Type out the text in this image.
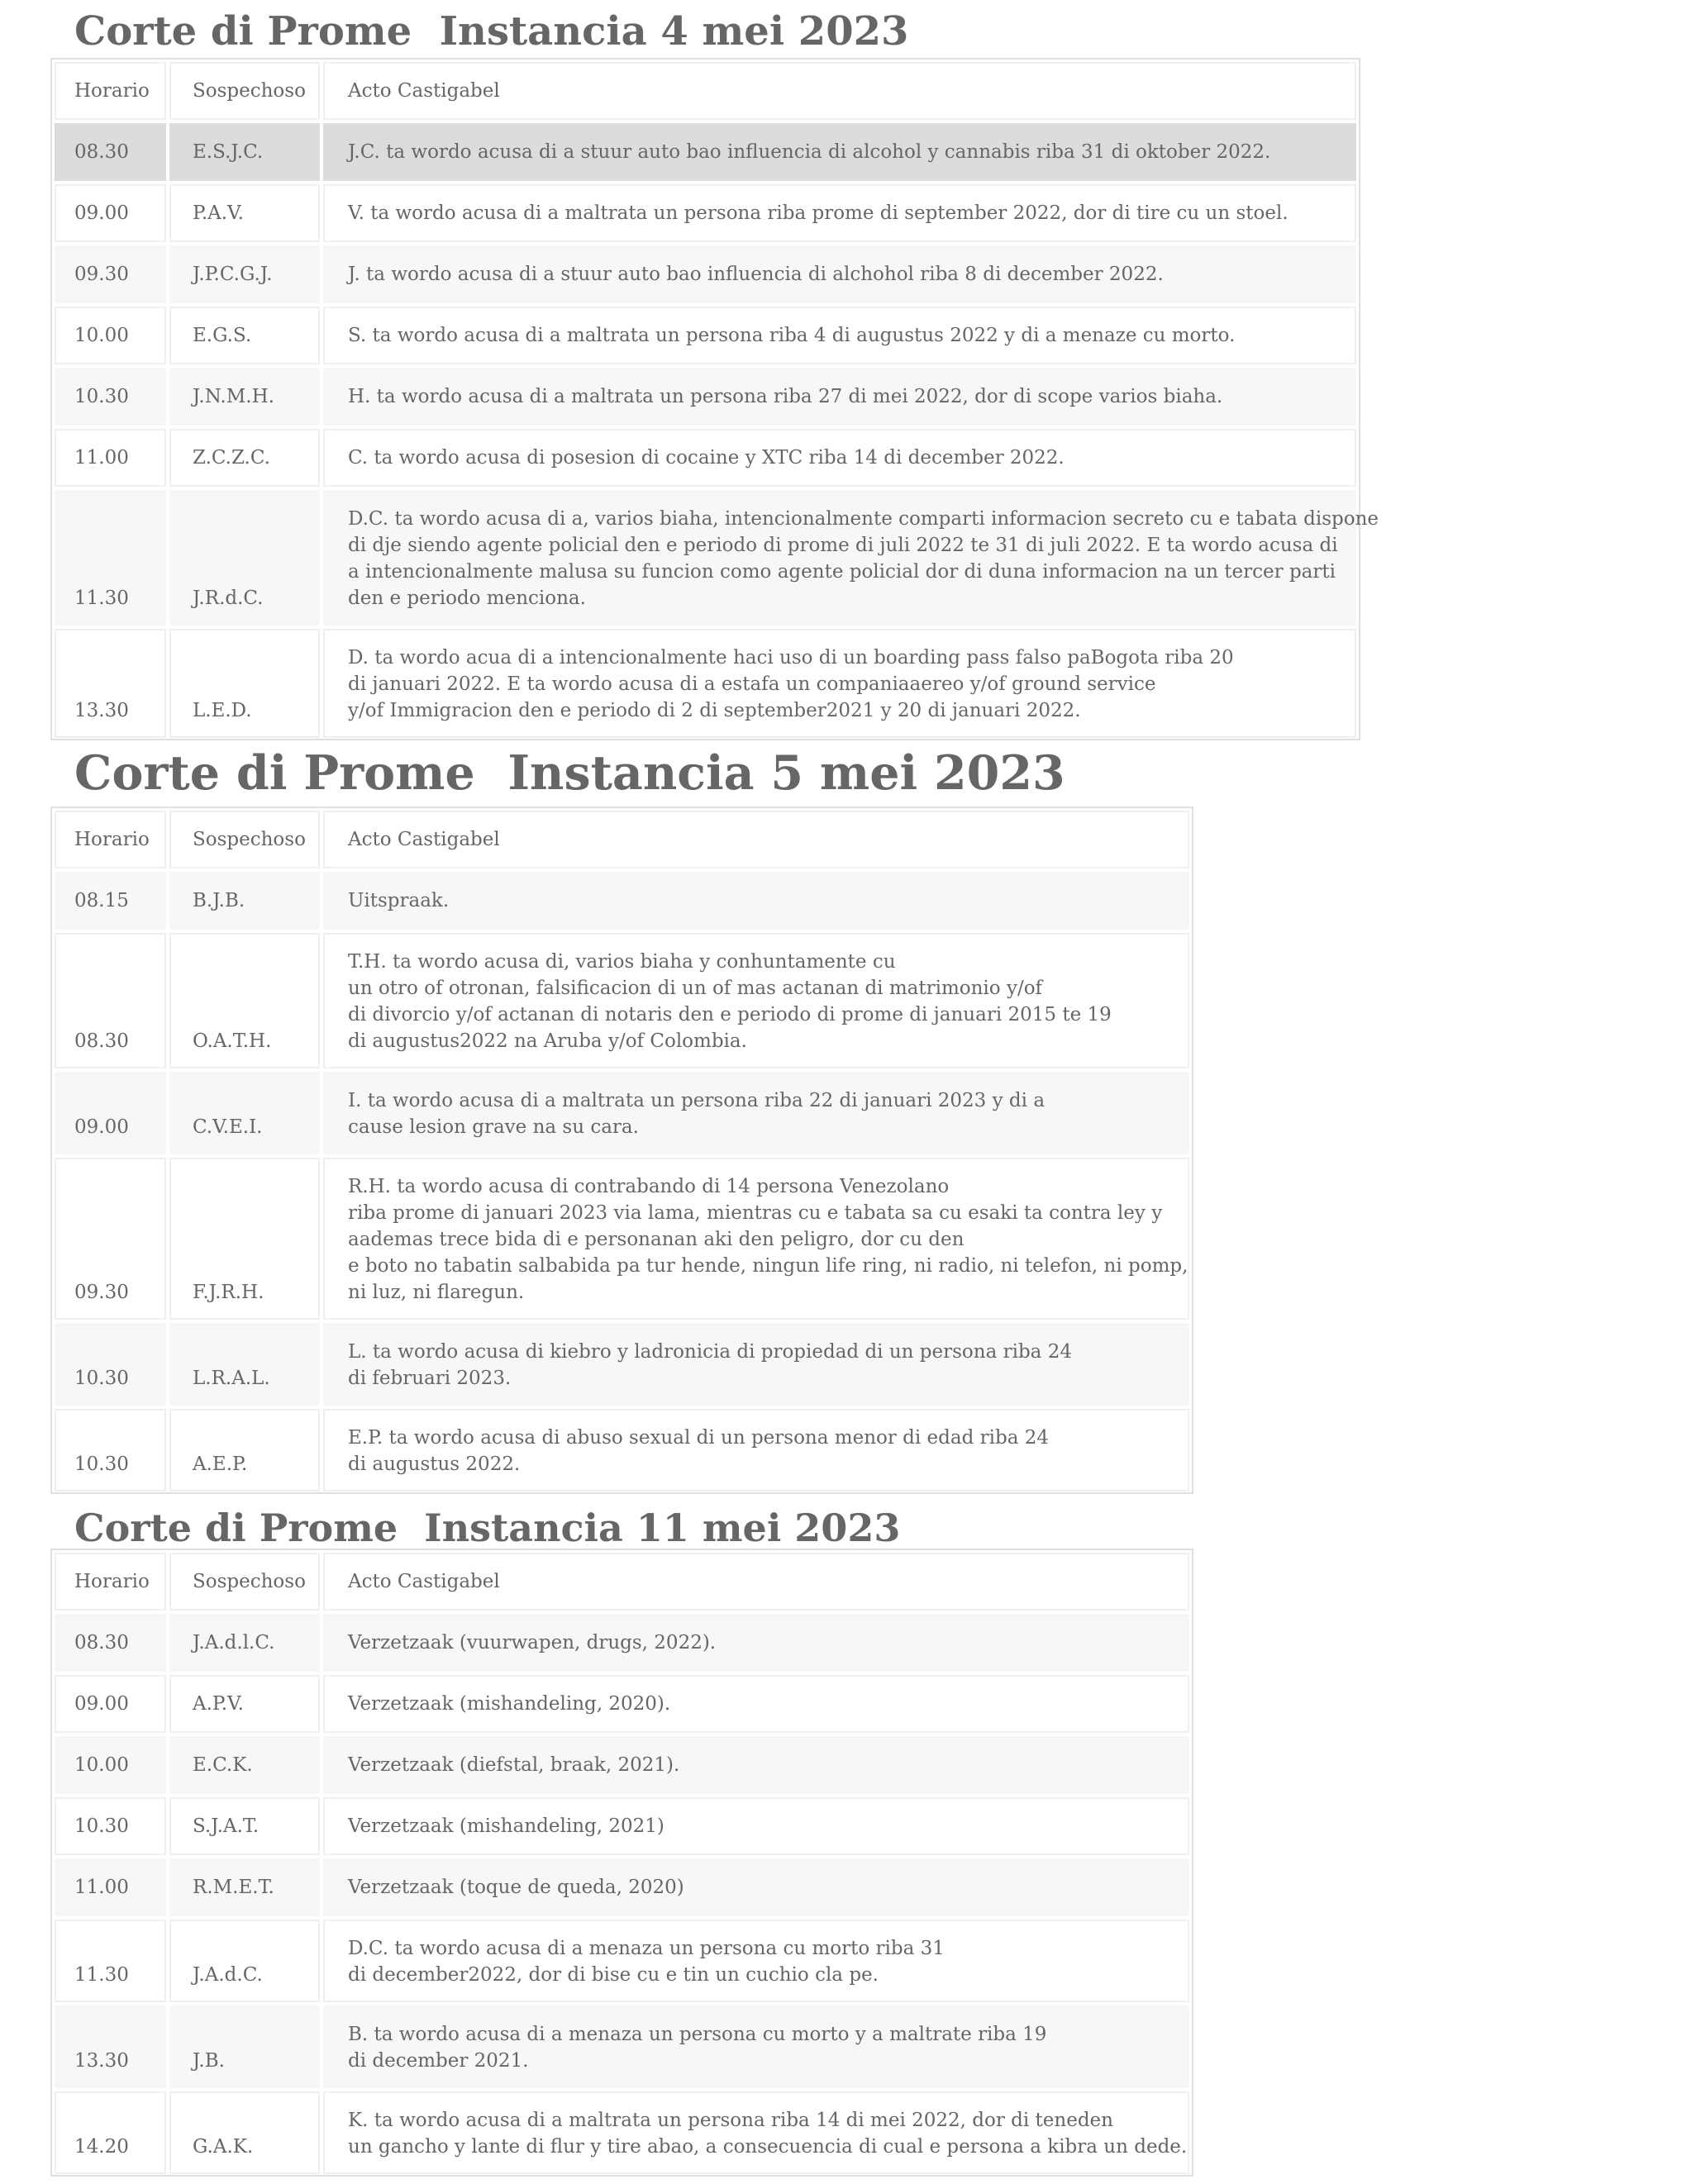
Corte di Prome  Instancia 4 mei 2023
Horario	Sospechoso	Acto Castigabel
08.30	E.S.J.C.	J.C. ta wordo acusa di a stuur auto bao influencia di alcohol y cannabis riba 31 di oktober 2022.
09.00	P.A.V.	V. ta wordo acusa di a maltrata un persona riba prome di september 2022, dor di tire cu un stoel.
09.30	J.P.C.G.J.	J. ta wordo acusa di a stuur auto bao influencia di alchohol riba 8 di december 2022.
10.00	E.G.S.	S. ta wordo acusa di a maltrata un persona riba 4 di augustus 2022 y di a menaze cu morto.
10.30	J.N.M.H.	H. ta wordo acusa di a maltrata un persona riba 27 di mei 2022, dor di scope varios biaha.
11.00	Z.C.Z.C.	C. ta wordo acusa di posesion di cocaine y XTC riba 14 di december 2022.
11.30	J.R.d.C.
D.C. ta wordo acusa di a, varios biaha, intencionalmente comparti informacion secreto cu e tabata dispone
di dje siendo agente policial den e periodo di prome di juli 2022 te 31 di juli 2022. E ta wordo acusa di
a intencionalmente malusa su funcion como agente policial dor di duna informacion na un tercer parti
den e periodo menciona.
13.30	L.E.D.
D. ta wordo acua di a intencionalmente haci uso di un boarding pass falso paBogota riba 20
di januari 2022. E ta wordo acusa di a estafa un companiaaereo y/of ground service
y/of Immigracion den e periodo di 2 di september2021 y 20 di januari 2022.
Corte di Prome  Instancia 5 mei 2023
Horario	Sospechoso	Acto Castigabel
08.15	B.J.B.	Uitspraak.
08.30	O.A.T.H.
T.H. ta wordo acusa di, varios biaha y conhuntamente cu
un otro of otronan, falsificacion di un of mas actanan di matrimonio y/of
di divorcio y/of actanan di notaris den e periodo di prome di januari 2015 te 19
di augustus2022 na Aruba y/of Colombia.
09.00	C.V.E.I.
I. ta wordo acusa di a maltrata un persona riba 22 di januari 2023 y di a
cause lesion grave na su cara.
09.30	F.J.R.H.
R.H. ta wordo acusa di contrabando di 14 persona Venezolano
riba prome di januari 2023 via lama, mientras cu e tabata sa cu esaki ta contra ley y
aademas trece bida di e personanan aki den peligro, dor cu den
e boto no tabatin salbabida pa tur hende, ningun life ring, ni radio, ni telefon, ni pomp,
ni luz, ni flaregun.
10.30	L.R.A.L.
L. ta wordo acusa di kiebro y ladronicia di propiedad di un persona riba 24
di februari 2023.
10.30	A.E.P.
E.P. ta wordo acusa di abuso sexual di un persona menor di edad riba 24
di augustus 2022.
Corte di Prome  Instancia 11 mei 2023
Horario	Sospechoso	Acto Castigabel
08.30	J.A.d.l.C.	Verzetzaak (vuurwapen, drugs, 2022).
09.00	A.P.V.	Verzetzaak (mishandeling, 2020).
10.00	E.C.K.	Verzetzaak (diefstal, braak, 2021).
10.30	S.J.A.T.	Verzetzaak (mishandeling, 2021)
11.00	R.M.E.T.	Verzetzaak (toque de queda, 2020)
11.30	J.A.d.C.
D.C. ta wordo acusa di a menaza un persona cu morto riba 31
di december2022, dor di bise cu e tin un cuchio cla pe.
13.30	J.B.
B. ta wordo acusa di a menaza un persona cu morto y a maltrate riba 19
di december 2021.
14.20	G.A.K.
K. ta wordo acusa di a maltrata un persona riba 14 di mei 2022, dor di teneden
un gancho y lante di flur y tire abao, a consecuencia di cual e persona a kibra un dede.
